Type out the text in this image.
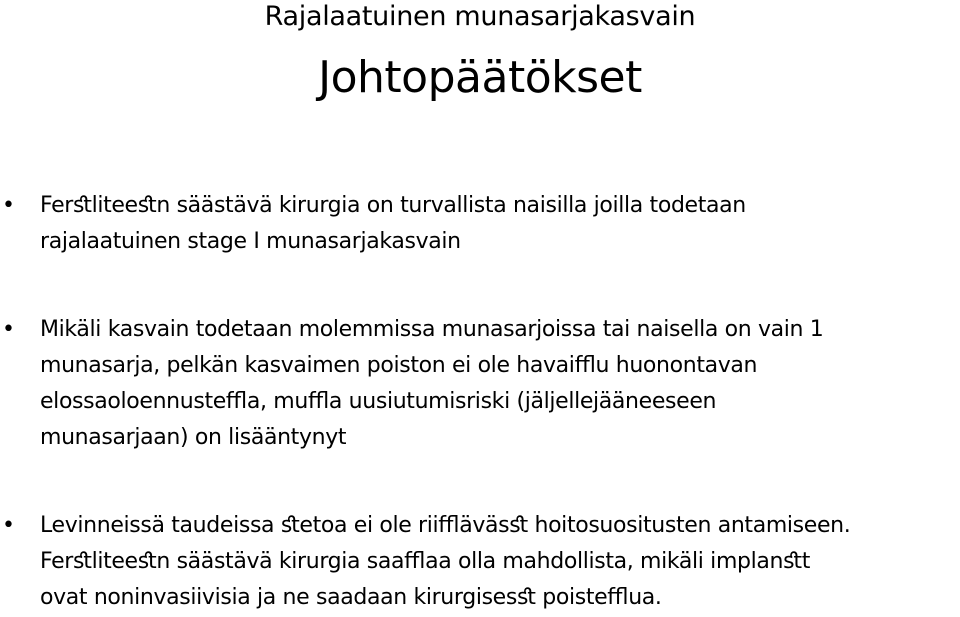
Rajalaatuinen munasarjakasvain
Johtopäätökset
• Ferﬆliteeﬆn säästävä kirurgia on turvallista naisilla joilla todetaan
rajalaatuinen stage I munasarjakasvain
• Mikäli kasvain todetaan molemmissa munasarjoissa tai naisella on vain 1
munasarja, pelkän kasvaimen poiston ei ole havaiﬄu huonontavan
elossaoloennusteﬄa, muﬄa uusiutumisriski (jäljellejääneeseen
munasarjaan) on lisääntynyt
• Levinneissä taudeissa ﬆetoa ei ole riiﬄäväsﬆ hoitosuositusten antamiseen.
Ferﬆliteeﬆn säästävä kirurgia saaﬄaa olla mahdollista, mikäli implanﬆt
ovat noninvasiivisia ja ne saadaan kirurgisesﬆ poisteﬄua.
